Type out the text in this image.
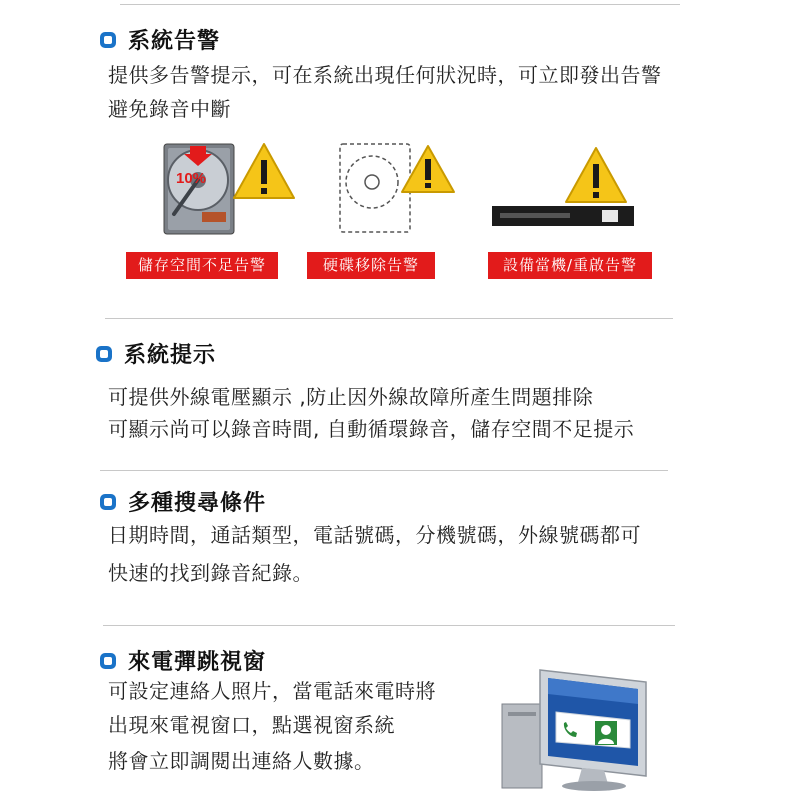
系統告警
提供多告警提示，可在系統出現任何狀況時，可立即發出告警
避免錄音中斷
10%
儲存空間不足告警	硬碟移除告警	設備當機/重啟告警
系統提示
可提供外線電壓顯示 ,防止因外線故障所產生問題排除
可顯示尚可以錄音時間, 自動循環錄音，儲存空間不足提示
多種搜尋條件
日期時間，通話類型，電話號碼，分機號碼，外線號碼都可
快速的找到錄音紀錄。
來電彈跳視窗
可設定連絡人照片，當電話來電時將
出現來電視窗口，點選視窗系統
將會立即調閱出連絡人數據。
